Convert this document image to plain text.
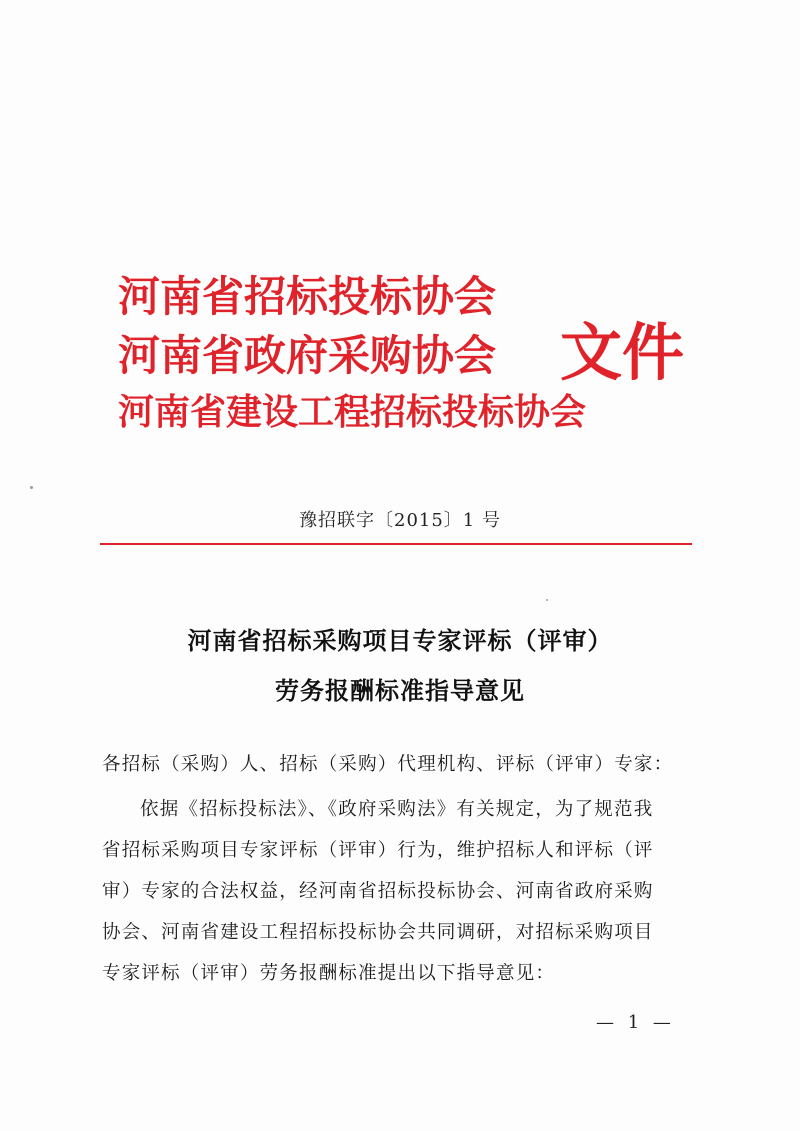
河南省招标投标协会
河南省政府采购协会
河南省建设工程招标投标协会
文件
豫招联字〔2015〕1 号
河南省招标采购项目专家评标（评审）
劳务报酬标准指导意见
各招标（采购）人、招标（采购）代理机构、评标（评审）专家：
依据《招标投标法》、《政府采购法》有关规定，为了规范我
省招标采购项目专家评标（评审）行为，维护招标人和评标（评
审）专家的合法权益，经河南省招标投标协会、河南省政府采购
协会、河南省建设工程招标投标协会共同调研，对招标采购项目
专家评标（评审）劳务报酬标准提出以下指导意见：
— 1 —
